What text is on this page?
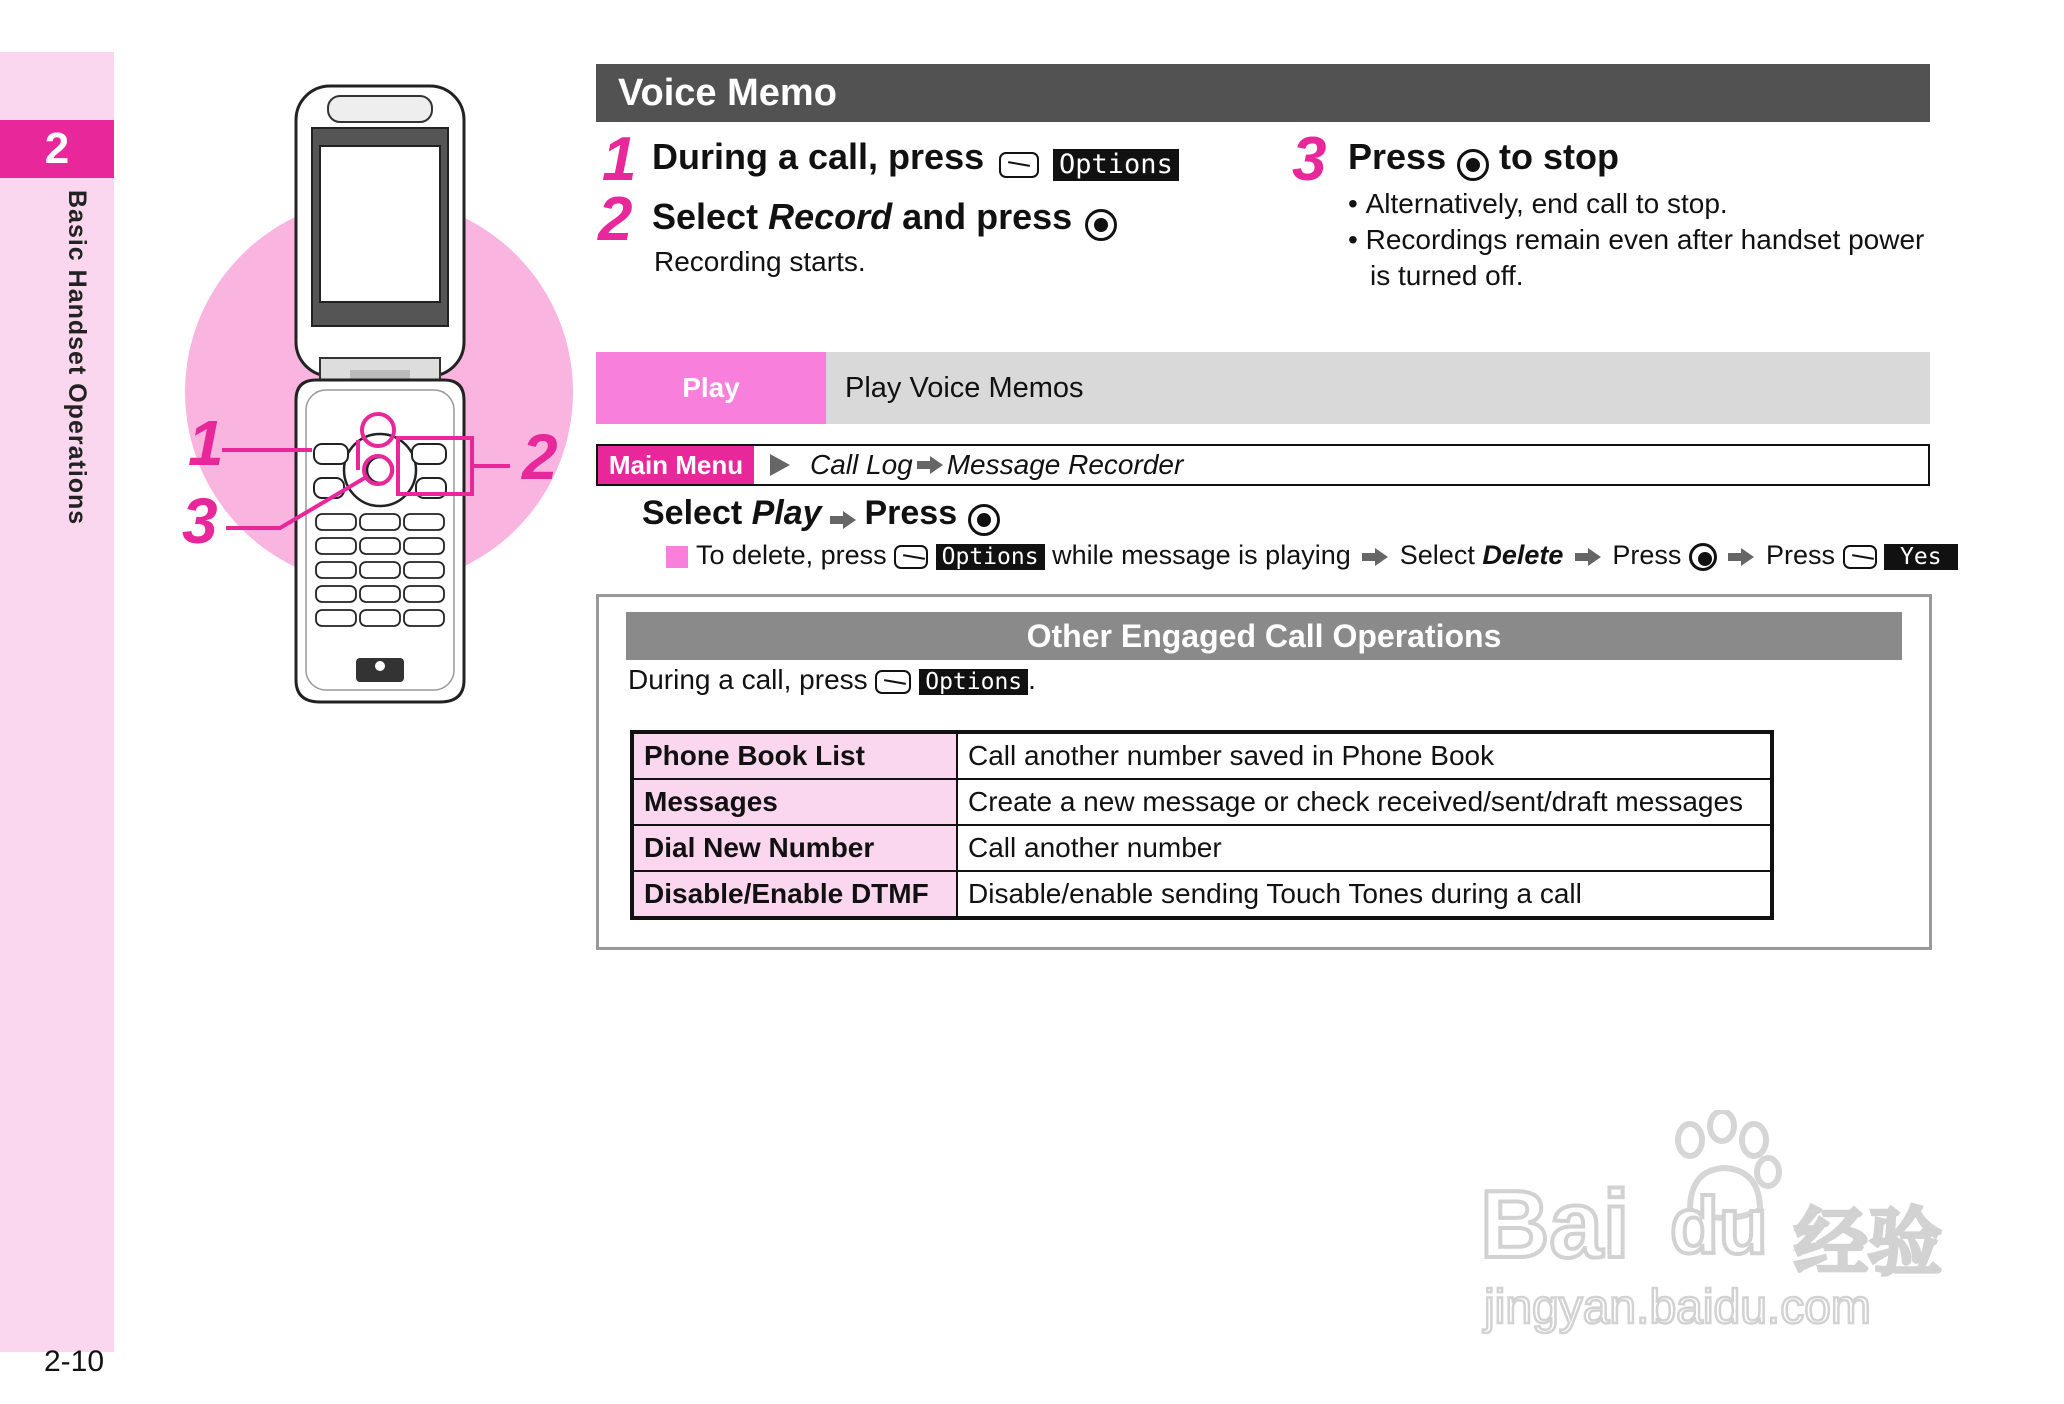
2
Basic Handset Operations
2-10
1	2
3
Voice Memo
1 During a call, press	Options
2 Select Record and press
Recording starts.
3 Press to stop
• Alternatively, end call to stop.
• Recordings remain even after handset power
is turned off.
Play	Play Voice Memos
Main Menu	Call Log Message Recorder
Select Play Press
To delete, press Options while message is playing Select Delete Press	Press	Yes
Other Engaged Call Operations
During a call, press	Options .
Phone Book List	Call another number saved in Phone Book
Messages	Create a new message or check received/sent/draft messages
Dial New Number	Call another number
Disable/Enable DTMF	Disable/enable sending Touch Tones during a call
Bai du 经验
jingyan.baidu.com
